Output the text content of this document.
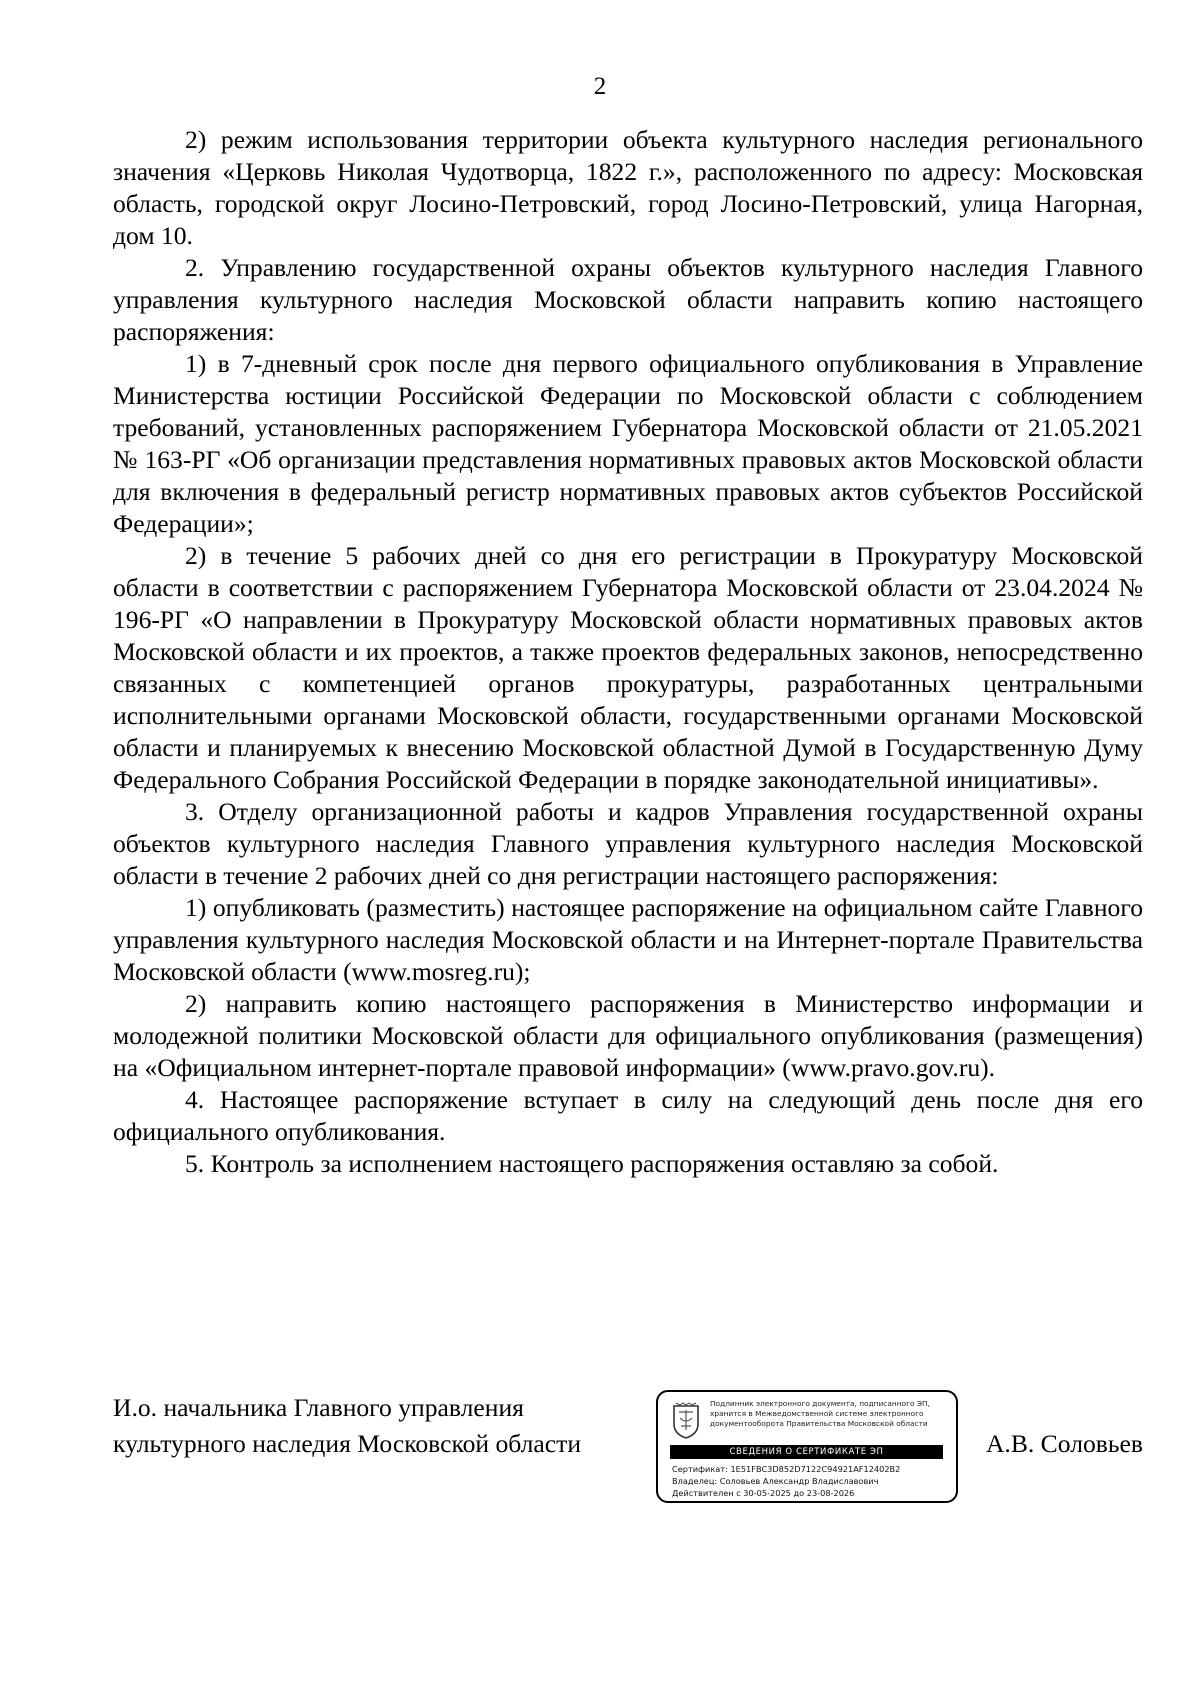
2

2) режим использования территории объекта культурного наследия регионального значения «Церковь Николая Чудотворца, 1822 г.», расположенного по адресу: Московская область, городской округ Лосино-Петровский, город Лосино-Петровский, улица Нагорная, дом 10.

2. Управлению государственной охраны объектов культурного наследия Главного управления культурного наследия Московской области направить копию настоящего распоряжения:

1) в 7-дневный срок после дня первого официального опубликования в Управление Министерства юстиции Российской Федерации по Московской области с соблюдением требований, установленных распоряжением Губернатора Московской области от 21.05.2021 № 163-РГ «Об организации представления нормативных правовых актов Московской области для включения в федеральный регистр нормативных правовых актов субъектов Российской Федерации»;

2) в течение 5 рабочих дней со дня его регистрации в Прокуратуру Московской области в соответствии с распоряжением Губернатора Московской области от 23.04.2024 № 196-РГ «О направлении в Прокуратуру Московской области нормативных правовых актов Московской области и их проектов, а также проектов федеральных законов, непосредственно связанных с компетенцией органов прокуратуры, разработанных центральными исполнительными органами Московской области, государственными органами Московской области и планируемых к внесению Московской областной Думой в Государственную Думу Федерального Собрания Российской Федерации в порядке законодательной инициативы».

3. Отделу организационной работы и кадров Управления государственной охраны объектов культурного наследия Главного управления культурного наследия Московской области в течение 2 рабочих дней со дня регистрации настоящего распоряжения:

1) опубликовать (разместить) настоящее распоряжение на официальном сайте Главного управления культурного наследия Московской области и на Интернет-портале Правительства Московской области (www.mosreg.ru);

2) направить копию настоящего распоряжения в Министерство информации и молодежной политики Московской области для официального опубликования (размещения) на «Официальном интернет-портале правовой информации» (www.pravo.gov.ru).

4. Настоящее распоряжение вступает в силу на следующий день после дня его официального опубликования.

5. Контроль за исполнением настоящего распоряжения оставляю за собой.

И.о. начальника Главного управления
культурного наследия Московской области
Подлинник электронного документа, подписанного ЭП, хранится в Межведомственной системе электронного документооборота Правительства Московской области
СВЕДЕНИЯ О СЕРТИФИКАТЕ ЭП
Сертификат: 1E51FBC3D852D7122C94921AF12402B2
Владелец: Соловьев Александр Владиславович
Действителен с 30-05-2025 до 23-08-2026
А.В. Соловьев
